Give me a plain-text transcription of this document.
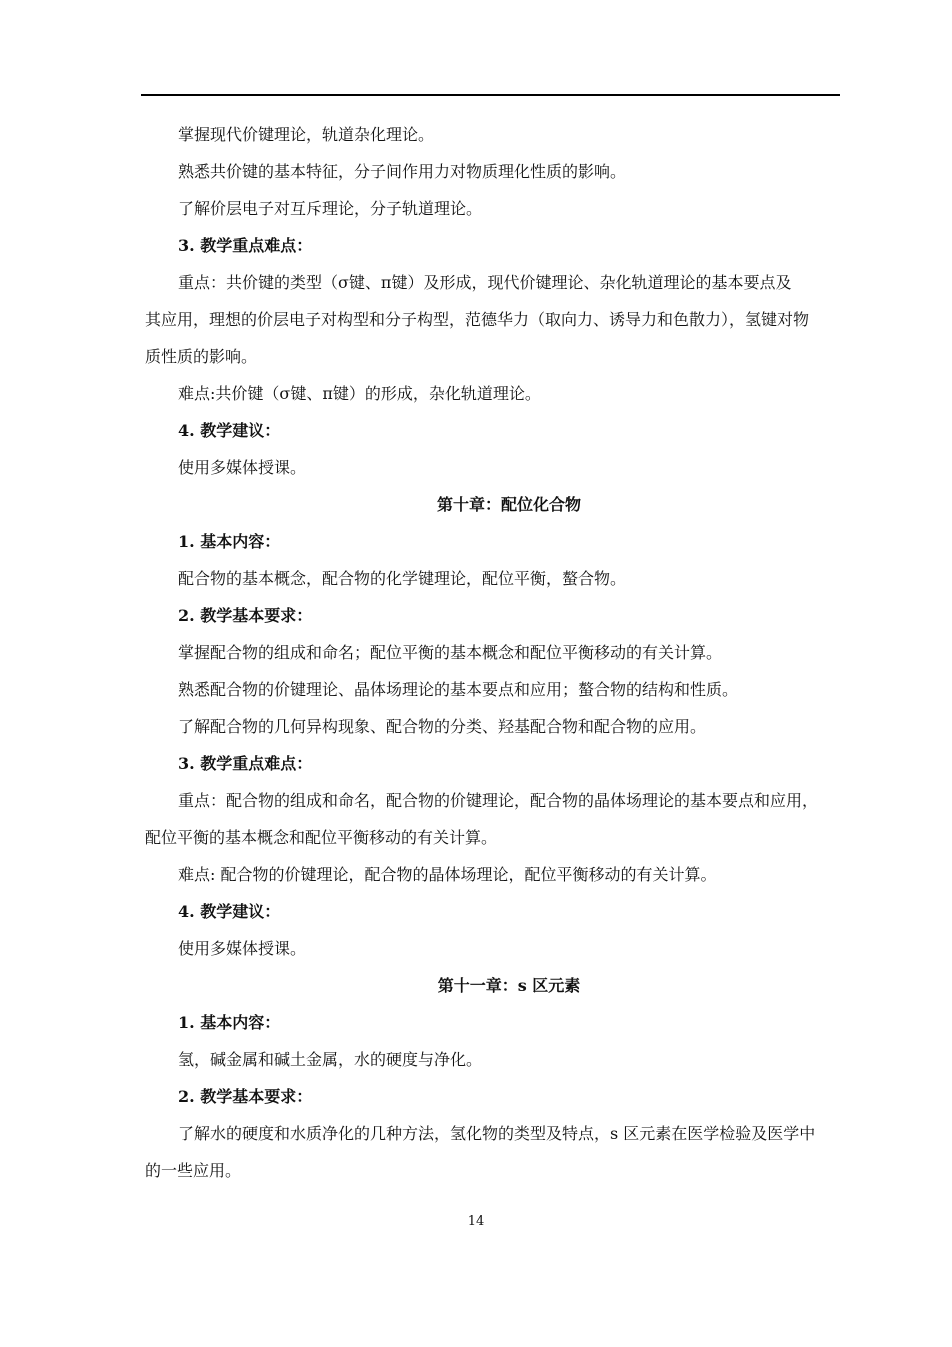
掌握现代价键理论，轨道杂化理论。
熟悉共价键的基本特征，分子间作用力对物质理化性质的影响。
了解价层电子对互斥理论，分子轨道理论。
3. 教学重点难点：
重点：共价键的类型（σ键、π键）及形成，现代价键理论、杂化轨道理论的基本要点及
其应用，理想的价层电子对构型和分子构型，范德华力（取向力、诱导力和色散力），氢键对物
质性质的影响。
难点:共价键（σ键、π键）的形成，杂化轨道理论。
4. 教学建议：
使用多媒体授课。
第十章：配位化合物
1. 基本内容：
配合物的基本概念，配合物的化学键理论，配位平衡，螯合物。
2. 教学基本要求：
掌握配合物的组成和命名；配位平衡的基本概念和配位平衡移动的有关计算。
熟悉配合物的价键理论、晶体场理论的基本要点和应用；螯合物的结构和性质。
了解配合物的几何异构现象、配合物的分类、羟基配合物和配合物的应用。
3. 教学重点难点：
重点：配合物的组成和命名，配合物的价键理论，配合物的晶体场理论的基本要点和应用，
配位平衡的基本概念和配位平衡移动的有关计算。
难点: 配合物的价键理论，配合物的晶体场理论，配位平衡移动的有关计算。
4. 教学建议：
使用多媒体授课。
第十一章：s 区元素
1. 基本内容：
氢，碱金属和碱土金属，水的硬度与净化。
2. 教学基本要求：
了解水的硬度和水质净化的几种方法，氢化物的类型及特点，s 区元素在医学检验及医学中
的一些应用。
14
